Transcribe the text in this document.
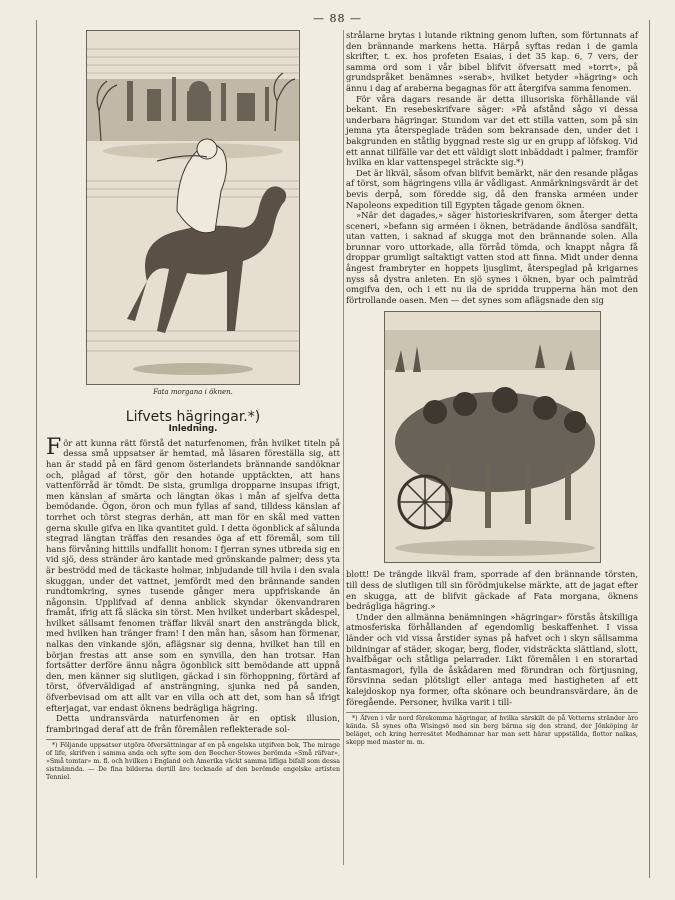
— 88 —
Fata morgana i öknen.
Lifvets hägringar.*)
Inledning.

För att kunna rätt förstå det naturfenomen, från hvilket titeln på dessa små uppsatser är hemtad, må läsaren föreställa sig, att han är stadd på en färd genom österlandets brännande sandöknar och, plågad af törst, gör den hotande upptäckten, att hans vattenförråd är tömdt. De sista, grumliga dropparne insupas ifrigt, men känslan af smärta och längtan ökas i mån af sjelfva detta bemödande. Ögon, öron och mun fyllas af sand, tilldess känslan af torrhet och törst stegras derhän, att man för en skål med vatten gerna skulle gifva en lika qvantitet guld. I detta ögonblick af sålunda stegrad längtan träffas den resandes öga af ett föremål, som till hans förvåning hittills undfallit honom: I fjerran synes utbreda sig en vid sjö, dess stränder äro kantade med grönskande palmer; dess yta är beströdd med de täckaste holmar, inbjudande till hvila i den svala skuggan, under det vattnet, jemfördt med den brännande sanden rundtomkring, synes tusende gånger mera uppfriskande än någonsin. Upplifvad af denna anblick skyndar ökenvandraren framåt, ifrig att få släcka sin törst. Men hvilket underbart skådespel, hvilket sällsamt fenomen träffar likväl snart den ansträngda blick, med hvilken han tränger fram! I den mån han, såsom han förmenar, nalkas den vinkande sjön, aflägsnar sig denna, hvilket han till en början frestas att anse som en synvilla, den han trotsar. Han fortsätter derföre ännu några ögonblick sitt bemödande att uppnå den, men känner sig slutligen, gäckad i sin förhoppning, förtärd af törst, öfverväldigad af ansträngning, sjunka ned på sanden, öfverbevisad om att allt var en villa och att det, som han så ifrigt efterjagat, var endast öknens bedrägliga hägring.

Detta undransvärda naturfenomen är en optisk illusion, frambringad deraf att de från föremålen reflekterade sol-

*) Följande uppsatser utgöra öfversättningar af en på engelska utgifven bok, The mirage of life, skrifven i samma anda och syfte som den Beecher-Stowes berömda »Små räfvar», »Små tomtar» m. fl. och hvilken i England och Amerika väckt samma lifliga bifall som dessa sistnämnda. — De fina bilderna dertill äro tecknade af den berömde engelske artisten Tenniel.

strålarne brytas i lutande riktning genom luften, som förtunnats af den brännande markens hetta. Härpå syftas redan i de gamla skrifter, t. ex. hos profeten Esaias, i det 35 kap. 6, 7 vers, der samma ord som i vår bibel blifvit öfversatt med »torrt», på grundspråket benämnes »serab», hvilket betyder »hägring» och ännu i dag af araberna begagnas för att återgifva samma fenomen.

För våra dagars resande är detta illusoriska förhållande väl bekant. En resebeskrifvare säger: »På afstånd sågo vi dessa underbara hägringar. Stundom var det ett stilla vatten, som på sin jemna yta återspeglade träden som bekransade den, under det i bakgrunden en ståtlig byggnad reste sig ur en grupp af löfskog. Vid ett annat tillfälle var det ett väldigt slott inbäddadt i palmer, framför hvilka en klar vattenspegel sträckte sig.*)

Det är likväl, såsom ofvan blifvit bemärkt, när den resande plågas af törst, som hägringens villa är vådligast. Anmärkningsvärdt är det bevis derpå, som föredde sig, då den franska arméen under Napoleons expedition till Egypten tågade genom öknen.

»När det dagades,» säger historieskrifvaren, som återger detta sceneri, »befann sig arméen i öknen, beträdande ändlösa sandfält, utan vatten, i saknad af skugga mot den brännande solen. Alla brunnar voro uttorkade, alla förråd tömda, och knappt några få droppar grumligt saltaktigt vatten stod att finna. Midt under denna ångest frambryter en hoppets ljusglimt, återspeglad på krigarnes nyss så dystra anleten. En sjö synes i öknen, byar och palmträd omgifva den, och i ett nu ila de spridda trupperna hän mot den förtrollande oasen. Men — det synes som aflägsnade den sig

blott! De trängde likväl fram, sporrade af den brännande törsten, till dess de slutligen till sin förödmjukelse märkte, att de jagat efter en skugga, att de blifvit gäckade af Fata morgana, öknens bedrägliga hägring.»

Under den allmänna benämningen »hägringar» förstås åtskilliga atmosferiska förhållanden af egendomlig beskaffenhet. I vissa länder och vid vissa årstider synas på hafvet och i skyn sällsamma bildningar af städer, skogar, berg, floder, vidsträckta slättland, slott, hvalfbågar och ståtliga pelarrader. Likt föremålen i en storartad fantasmagori, fylla de åskådaren med förundran och förtjusning, försvinna sedan plötsligt eller antaga med hastigheten af ett kalejdoskop nya former, ofta skönare och beundransvärdare, än de föregående. Personer, hvilka varit i till-

*) Äfven i vår nord förekomma hägringar, af hvilka särskilt de på Vetterns stränder äro kända. Så synes ofta Wisingsö med sin berg bärma sig den strand, der Jönköping är beläget, och kring herresätet Medhamnar har man sett härar uppställda, flottor nalkas, skepp med master m. m.
